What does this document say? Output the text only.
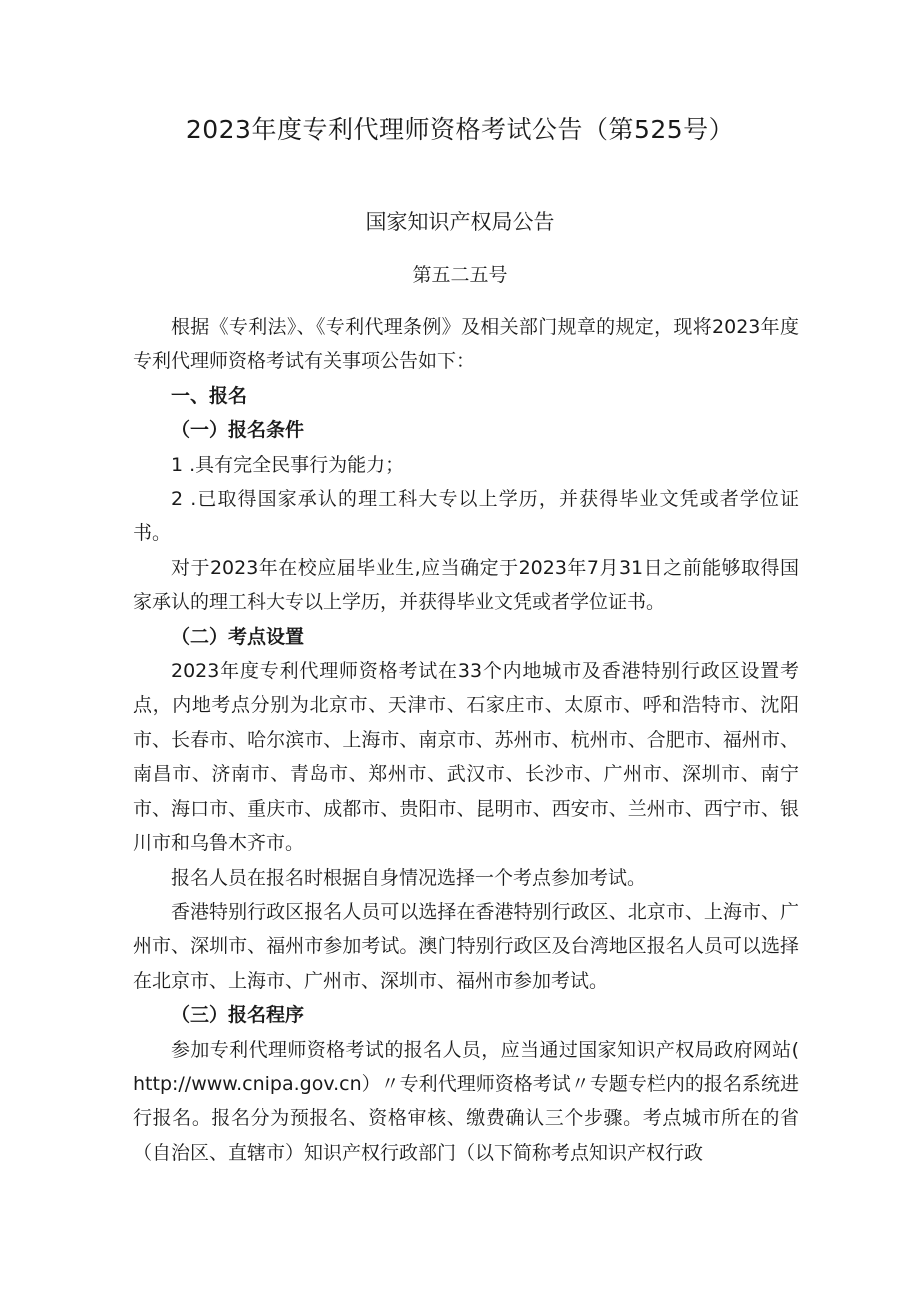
2023年度专利代理师资格考试公告（第525号）
国家知识产权局公告
第五二五号

根据《专利法》、《专利代理条例》及相关部门规章的规定，现将2023年度专利代理师资格考试有关事项公告如下：

一、报名

（一）报名条件

1 .具有完全民事行为能力；

2 .已取得国家承认的理工科大专以上学历，并获得毕业文凭或者学位证书。

对于2023年在校应届毕业生,应当确定于2023年7月31日之前能够取得国家承认的理工科大专以上学历，并获得毕业文凭或者学位证书。

（二）考点设置

2023年度专利代理师资格考试在33个内地城市及香港特别行政区设置考点，内地考点分别为北京市、天津市、石家庄市、太原市、呼和浩特市、沈阳市、长春市、哈尔滨市、上海市、南京市、苏州市、杭州市、合肥市、福州市、南昌市、济南市、青岛市、郑州市、武汉市、长沙市、广州市、深圳市、南宁市、海口市、重庆市、成都市、贵阳市、昆明市、西安市、兰州市、西宁市、银川市和乌鲁木齐市。

报名人员在报名时根据自身情况选择一个考点参加考试。

香港特别行政区报名人员可以选择在香港特别行政区、北京市、上海市、广州市、深圳市、福州市参加考试。澳门特别行政区及台湾地区报名人员可以选择在北京市、上海市、广州市、深圳市、福州市参加考试。

（三）报名程序

参加专利代理师资格考试的报名人员，应当通过国家知识产权局政府网站( http://www.cnipa.gov.cn）〃专利代理师资格考试〃专题专栏内的报名系统进行报名。报名分为预报名、资格审核、缴费确认三个步骤。考点城市所在的省（自治区、直辖市）知识产权行政部门（以下简称考点知识产权行政
